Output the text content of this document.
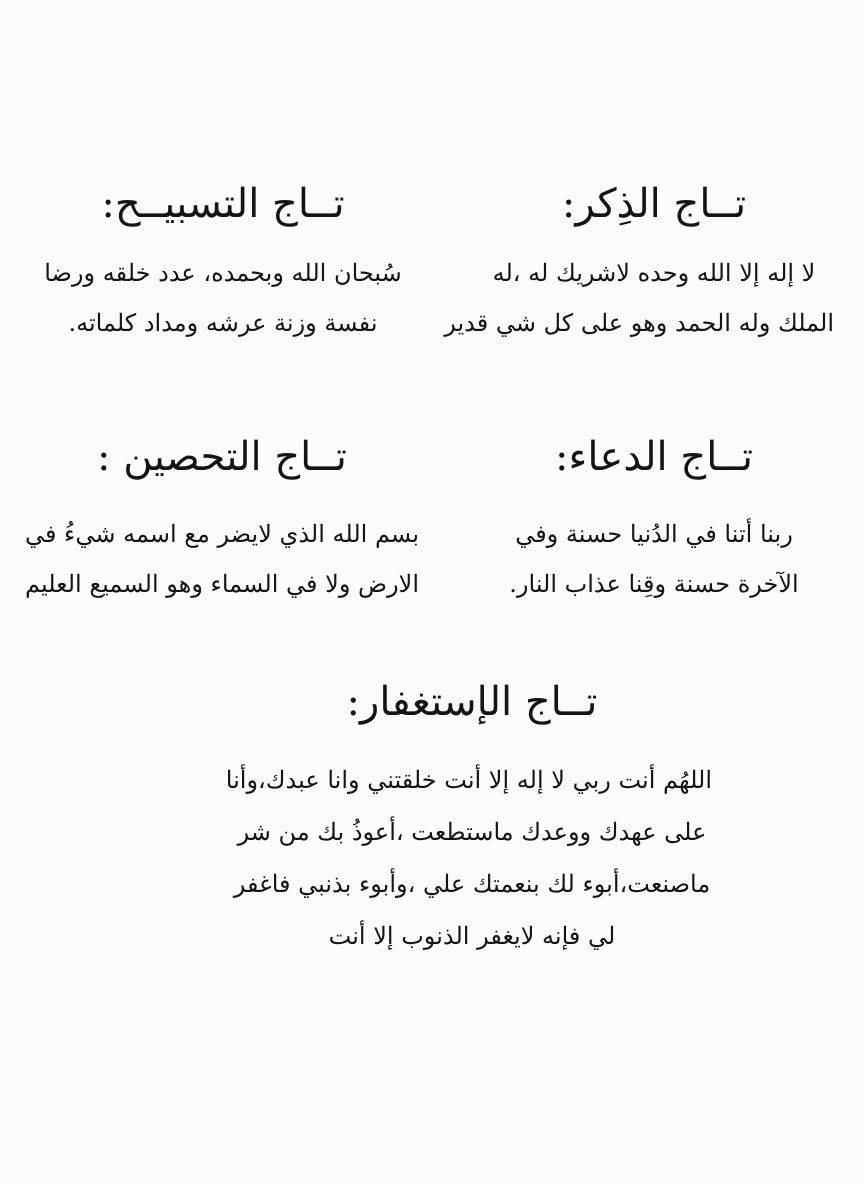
تــاج الذِكر:
لا إله إلا الله وحده لاشريك له ،له
الملك وله الحمد وهو على كل شي قدير
تــاج التسبيــح:
سُبحان الله وبحمده، عدد خلقه ورضا
نفسة وزنة عرشه ومداد كلماته.
تــاج الدعاء:
ربنا أتنا في الدُنيا حسنة وفي
الآخرة حسنة وقِنا عذاب النار.
تــاج التحصين :
بسم الله الذي لايضر مع اسمه شيءُ في
الارض ولا في السماء وهو السميع العليم
تــاج الإستغفار:
اللهُم أنت ربي لا إله إلا أنت خلقتني وانا عبدك،وأنا
على عهدك ووعدك ماستطعت ،أعوذُ بك من شر
ماصنعت،أبوء لك بنعمتك علي ،وأبوء بذنبي فاغفر
لي فإنه لايغفر الذنوب إلا أنت
